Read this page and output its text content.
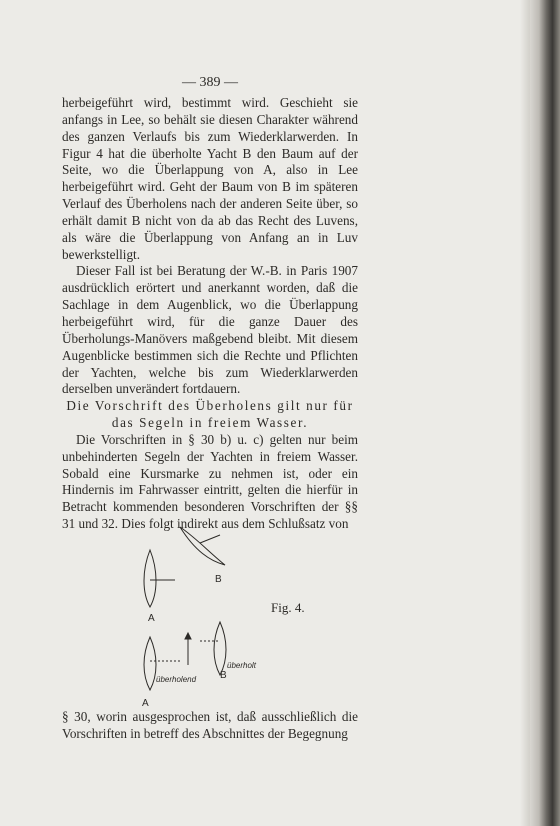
— 389 —

herbeigeführt wird, bestimmt wird. Geschieht sie anfangs in Lee, so behält sie diesen Charakter während des ganzen Verlaufs bis zum Wiederklarwerden. In Figur 4 hat die überholte Yacht B den Baum auf der Seite, wo die Überlappung von A, also in Lee herbeigeführt wird. Geht der Baum von B im späteren Verlauf des Überholens nach der anderen Seite über, so erhält damit B nicht von da ab das Recht des Luvens, als wäre die Überlappung von Anfang an in Luv bewerkstelligt.

Dieser Fall ist bei Beratung der W.-B. in Paris 1907 ausdrücklich erörtert und anerkannt worden, daß die Sachlage in dem Augenblick, wo die Überlappung herbeigeführt wird, für die ganze Dauer des Überholungs-Manövers maßgebend bleibt. Mit diesem Augenblicke bestimmen sich die Rechte und Pflichten der Yachten, welche bis zum Wiederklarwerden derselben unverändert fortdauern.

Die Vorschrift des Überholens gilt nur für das Segeln in freiem Wasser.

Die Vorschriften in § 30 b) u. c) gelten nur beim unbehinderten Segeln der Yachten in freiem Wasser. Sobald eine Kursmarke zu nehmen ist, oder ein Hindernis im Fahrwasser eintritt, gelten die hierfür in Betracht kommenden besonderen Vorschriften der §§ 31 und 32. Dies folgt indirekt aus dem Schlußsatz von

A
B
A
B
überholend
überholt
Fig. 4.

§ 30, worin ausgesprochen ist, daß ausschließlich die Vorschriften in betreff des Abschnittes der Begegnung
